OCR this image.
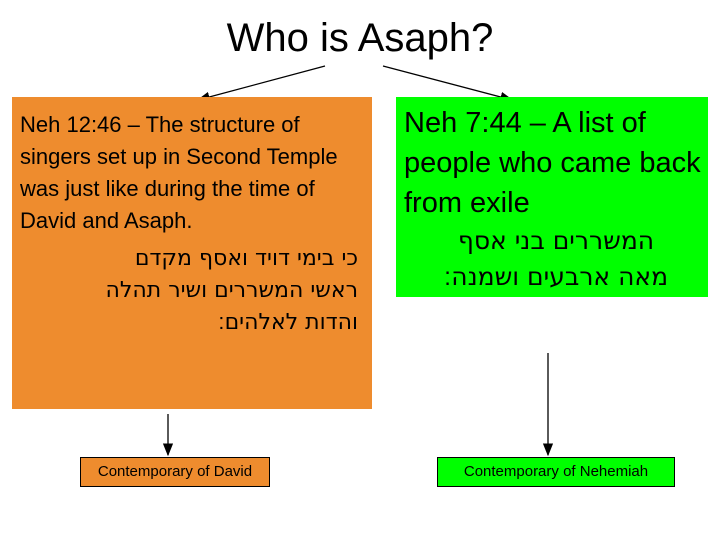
Who is Asaph?

Neh 12:46 – The structure of singers set up in Second Temple was just like during the time of David and Asaph.

כי בימי דויד ואסף מקדם
ראשי המשררים ושיר תהלה
והדות לאלהים׃

Neh 7:44 – A list of people who came back from exile

המשררים בני אסף
מאה ארבעים ושמנה׃
Contemporary of David	Contemporary of Nehemiah
